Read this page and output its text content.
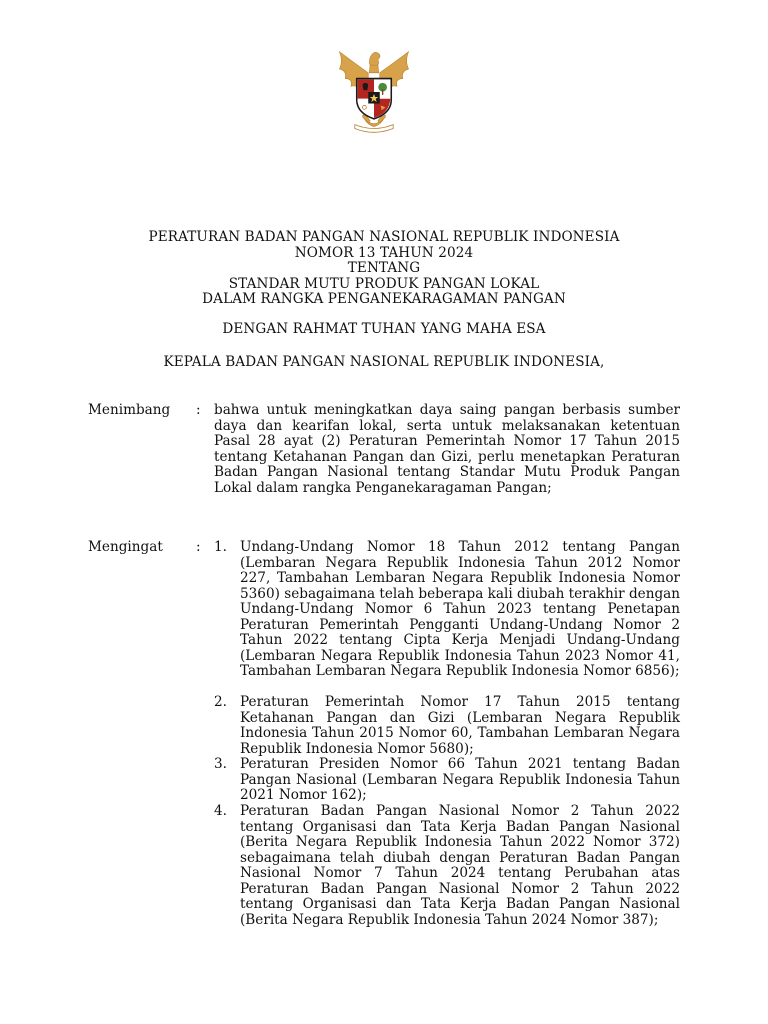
PERATURAN BADAN PANGAN NASIONAL REPUBLIK INDONESIA
NOMOR 13 TAHUN 2024
TENTANG
STANDAR MUTU PRODUK PANGAN LOKAL
DALAM RANGKA PENGANEKARAGAMAN PANGAN
DENGAN RAHMAT TUHAN YANG MAHA ESA
KEPALA BADAN PANGAN NASIONAL REPUBLIK INDONESIA,
Menimbang : bahwa untuk meningkatkan daya saing pangan berbasis sumber daya dan kearifan lokal, serta untuk melaksanakan ketentuan Pasal 28 ayat (2) Peraturan Pemerintah Nomor 17 Tahun 2015 tentang Ketahanan Pangan dan Gizi, perlu menetapkan Peraturan Badan Pangan Nasional tentang Standar Mutu Produk Pangan Lokal dalam rangka Penganekaragaman Pangan;
Mengingat : 1. Undang-Undang Nomor 18 Tahun 2012 tentang Pangan (Lembaran Negara Republik Indonesia Tahun 2012 Nomor 227, Tambahan Lembaran Negara Republik Indonesia Nomor 5360) sebagaimana telah beberapa kali diubah terakhir dengan Undang-Undang Nomor 6 Tahun 2023 tentang Penetapan Peraturan Pemerintah Pengganti Undang-Undang Nomor 2 Tahun 2022 tentang Cipta Kerja Menjadi Undang-Undang (Lembaran Negara Republik Indonesia Tahun 2023 Nomor 41, Tambahan Lembaran Negara Republik Indonesia Nomor 6856);
2. Peraturan Pemerintah Nomor 17 Tahun 2015 tentang Ketahanan Pangan dan Gizi (Lembaran Negara Republik Indonesia Tahun 2015 Nomor 60, Tambahan Lembaran Negara Republik Indonesia Nomor 5680);
3. Peraturan Presiden Nomor 66 Tahun 2021 tentang Badan Pangan Nasional (Lembaran Negara Republik Indonesia Tahun 2021 Nomor 162);
4. Peraturan Badan Pangan Nasional Nomor 2 Tahun 2022 tentang Organisasi dan Tata Kerja Badan Pangan Nasional (Berita Negara Republik Indonesia Tahun 2022 Nomor 372) sebagaimana telah diubah dengan Peraturan Badan Pangan Nasional Nomor 7 Tahun 2024 tentang Perubahan atas Peraturan Badan Pangan Nasional Nomor 2 Tahun 2022 tentang Organisasi dan Tata Kerja Badan Pangan Nasional (Berita Negara Republik Indonesia Tahun 2024 Nomor 387);
